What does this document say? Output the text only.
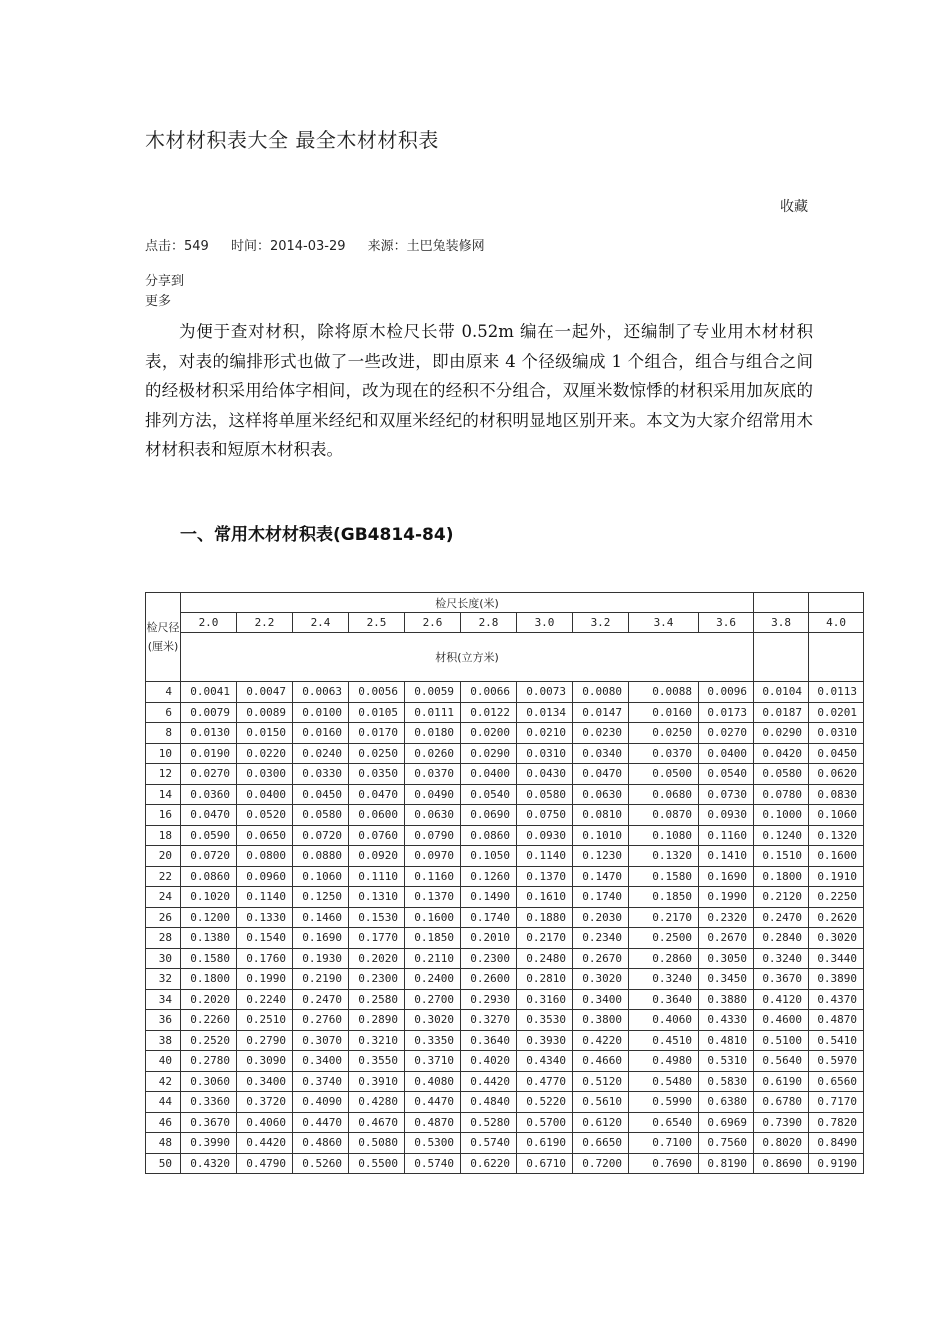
木材材积表大全 最全木材材积表
收藏
点击：549 时间：2014-03-29 来源：土巴兔装修网
分享到
更多
为便于查对材积，除将原木检尺长带 0.52m 编在一起外，还编制了专业用木材材积表，对表的编排形式也做了一些改进，即由原来 4 个径级编成 1 个组合，组合与组合之间的经极材积采用给体字相间，改为现在的经积不分组合，双厘米数惊悸的材积采用加灰底的排列方法，这样将单厘米经纪和双厘米经纪的材积明显地区别开来。本文为大家介绍常用木材材积表和短原木材积表。
一、常用木材材积表(GB4814-84)
检尺径(厘米)	检尺长度(米)											
	2.0	2.2	2.4	2.5	2.6	2.8	3.0	3.2	3.4	3.6	3.8	4.0
	材积(立方米)											
4	0.0041	0.0047	0.0063	0.0056	0.0059	0.0066	0.0073	0.0080	0.0088	0.0096	0.0104	0.0113
6	0.0079	0.0089	0.0100	0.0105	0.0111	0.0122	0.0134	0.0147	0.0160	0.0173	0.0187	0.0201
8	0.0130	0.0150	0.0160	0.0170	0.0180	0.0200	0.0210	0.0230	0.0250	0.0270	0.0290	0.0310
10	0.0190	0.0220	0.0240	0.0250	0.0260	0.0290	0.0310	0.0340	0.0370	0.0400	0.0420	0.0450
12	0.0270	0.0300	0.0330	0.0350	0.0370	0.0400	0.0430	0.0470	0.0500	0.0540	0.0580	0.0620
14	0.0360	0.0400	0.0450	0.0470	0.0490	0.0540	0.0580	0.0630	0.0680	0.0730	0.0780	0.0830
16	0.0470	0.0520	0.0580	0.0600	0.0630	0.0690	0.0750	0.0810	0.0870	0.0930	0.1000	0.1060
18	0.0590	0.0650	0.0720	0.0760	0.0790	0.0860	0.0930	0.1010	0.1080	0.1160	0.1240	0.1320
20	0.0720	0.0800	0.0880	0.0920	0.0970	0.1050	0.1140	0.1230	0.1320	0.1410	0.1510	0.1600
22	0.0860	0.0960	0.1060	0.1110	0.1160	0.1260	0.1370	0.1470	0.1580	0.1690	0.1800	0.1910
24	0.1020	0.1140	0.1250	0.1310	0.1370	0.1490	0.1610	0.1740	0.1850	0.1990	0.2120	0.2250
26	0.1200	0.1330	0.1460	0.1530	0.1600	0.1740	0.1880	0.2030	0.2170	0.2320	0.2470	0.2620
28	0.1380	0.1540	0.1690	0.1770	0.1850	0.2010	0.2170	0.2340	0.2500	0.2670	0.2840	0.3020
30	0.1580	0.1760	0.1930	0.2020	0.2110	0.2300	0.2480	0.2670	0.2860	0.3050	0.3240	0.3440
32	0.1800	0.1990	0.2190	0.2300	0.2400	0.2600	0.2810	0.3020	0.3240	0.3450	0.3670	0.3890
34	0.2020	0.2240	0.2470	0.2580	0.2700	0.2930	0.3160	0.3400	0.3640	0.3880	0.4120	0.4370
36	0.2260	0.2510	0.2760	0.2890	0.3020	0.3270	0.3530	0.3800	0.4060	0.4330	0.4600	0.4870
38	0.2520	0.2790	0.3070	0.3210	0.3350	0.3640	0.3930	0.4220	0.4510	0.4810	0.5100	0.5410
40	0.2780	0.3090	0.3400	0.3550	0.3710	0.4020	0.4340	0.4660	0.4980	0.5310	0.5640	0.5970
42	0.3060	0.3400	0.3740	0.3910	0.4080	0.4420	0.4770	0.5120	0.5480	0.5830	0.6190	0.6560
44	0.3360	0.3720	0.4090	0.4280	0.4470	0.4840	0.5220	0.5610	0.5990	0.6380	0.6780	0.7170
46	0.3670	0.4060	0.4470	0.4670	0.4870	0.5280	0.5700	0.6120	0.6540	0.6969	0.7390	0.7820
48	0.3990	0.4420	0.4860	0.5080	0.5300	0.5740	0.6190	0.6650	0.7100	0.7560	0.8020	0.8490
50	0.4320	0.4790	0.5260	0.5500	0.5740	0.6220	0.6710	0.7200	0.7690	0.8190	0.8690	0.9190
